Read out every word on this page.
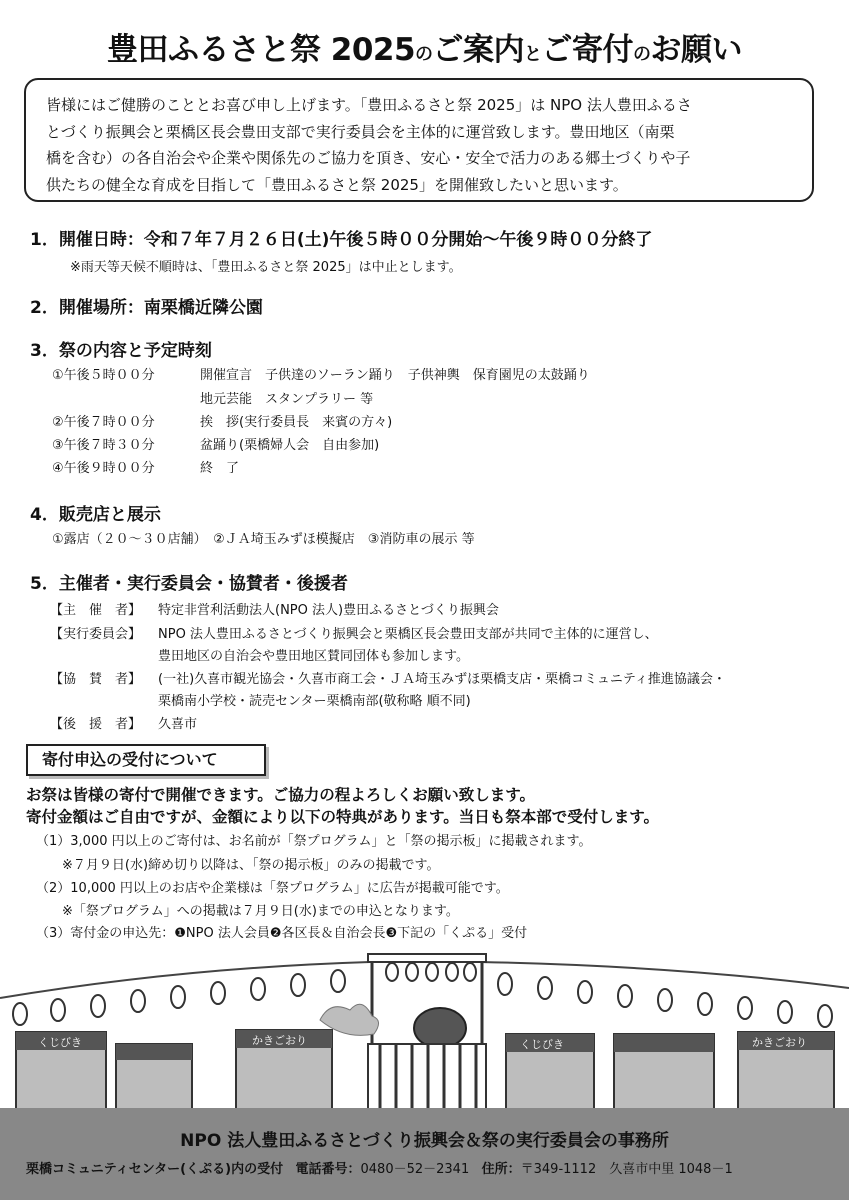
豊田ふるさと祭 2025のご案内とご寄付のお願い
皆様にはご健勝のこととお喜び申し上げます。「豊田ふるさと祭 2025」は NPO 法人豊田ふるさ
とづくり振興会と栗橋区長会豊田支部で実行委員会を主体的に運営致します。豊田地区（南栗
橋を含む）の各自治会や企業や関係先のご協力を頂き、安心・安全で活力のある郷土づくりや子
供たちの健全な育成を目指して「豊田ふるさと祭 2025」を開催致したいと思います。
1．開催日時：令和７年７月２６日(土)午後５時００分開始～午後９時００分終了
※雨天等天候不順時は、「豊田ふるさと祭 2025」は中止とします。
2．開催場所：南栗橋近隣公園
3．祭の内容と予定時刻
①午後５時００分	開催宣言　子供達のソーラン踊り　子供神輿　保育園児の太鼓踊り
地元芸能　スタンプラリー 等
②午後７時００分	挨　拶(実行委員長　来賓の方々)
③午後７時３０分	盆踊り(栗橋婦人会　自由参加)
④午後９時００分	終　了
4．販売店と展示
①露店（２０～３０店舗）　②ＪＡ埼玉みずほ模擬店　③消防車の展示 等
5．主催者・実行委員会・協賛者・後援者
【主　催　者】 特定非営利活動法人(NPO 法人)豊田ふるさとづくり振興会
【実行委員会】 NPO 法人豊田ふるさとづくり振興会と栗橋区長会豊田支部が共同で主体的に運営し、
豊田地区の自治会や豊田地区賛同団体も参加します。
【協　賛　者】 (一社)久喜市観光協会・久喜市商工会・ＪＡ埼玉みずほ栗橋支店・栗橋コミュニティ推進協議会・
栗橋南小学校・読売センター栗橋南部(敬称略 順不同)
【後　援　者】 久喜市
寄付申込の受付について
お祭は皆様の寄付で開催できます。ご協力の程よろしくお願い致します。
寄付金額はご自由ですが、金額により以下の特典があります。当日も祭本部で受付します。
（1）3,000 円以上のご寄付は、お名前が「祭プログラム」と「祭の掲示板」に掲載されます。
※７月９日(水)締め切り以降は、「祭の掲示板」のみの掲載です。
（2）10,000 円以上のお店や企業様は「祭プログラム」に広告が掲載可能です。
※「祭プログラム」への掲載は７月９日(水)までの申込となります。
（3）寄付金の申込先：❶NPO 法人会員❷各区長＆自治会長❸下記の「くぷる」受付
くじびき	かきごおり	くじびき	かきごおり
NPO 法人豊田ふるさとづくり振興会＆祭の実行委員会の事務所
栗橋コミュニティセンター(くぷる)内の受付 電話番号：0480－52－2341 住所：〒349-1112　久喜市中里 1048－1
